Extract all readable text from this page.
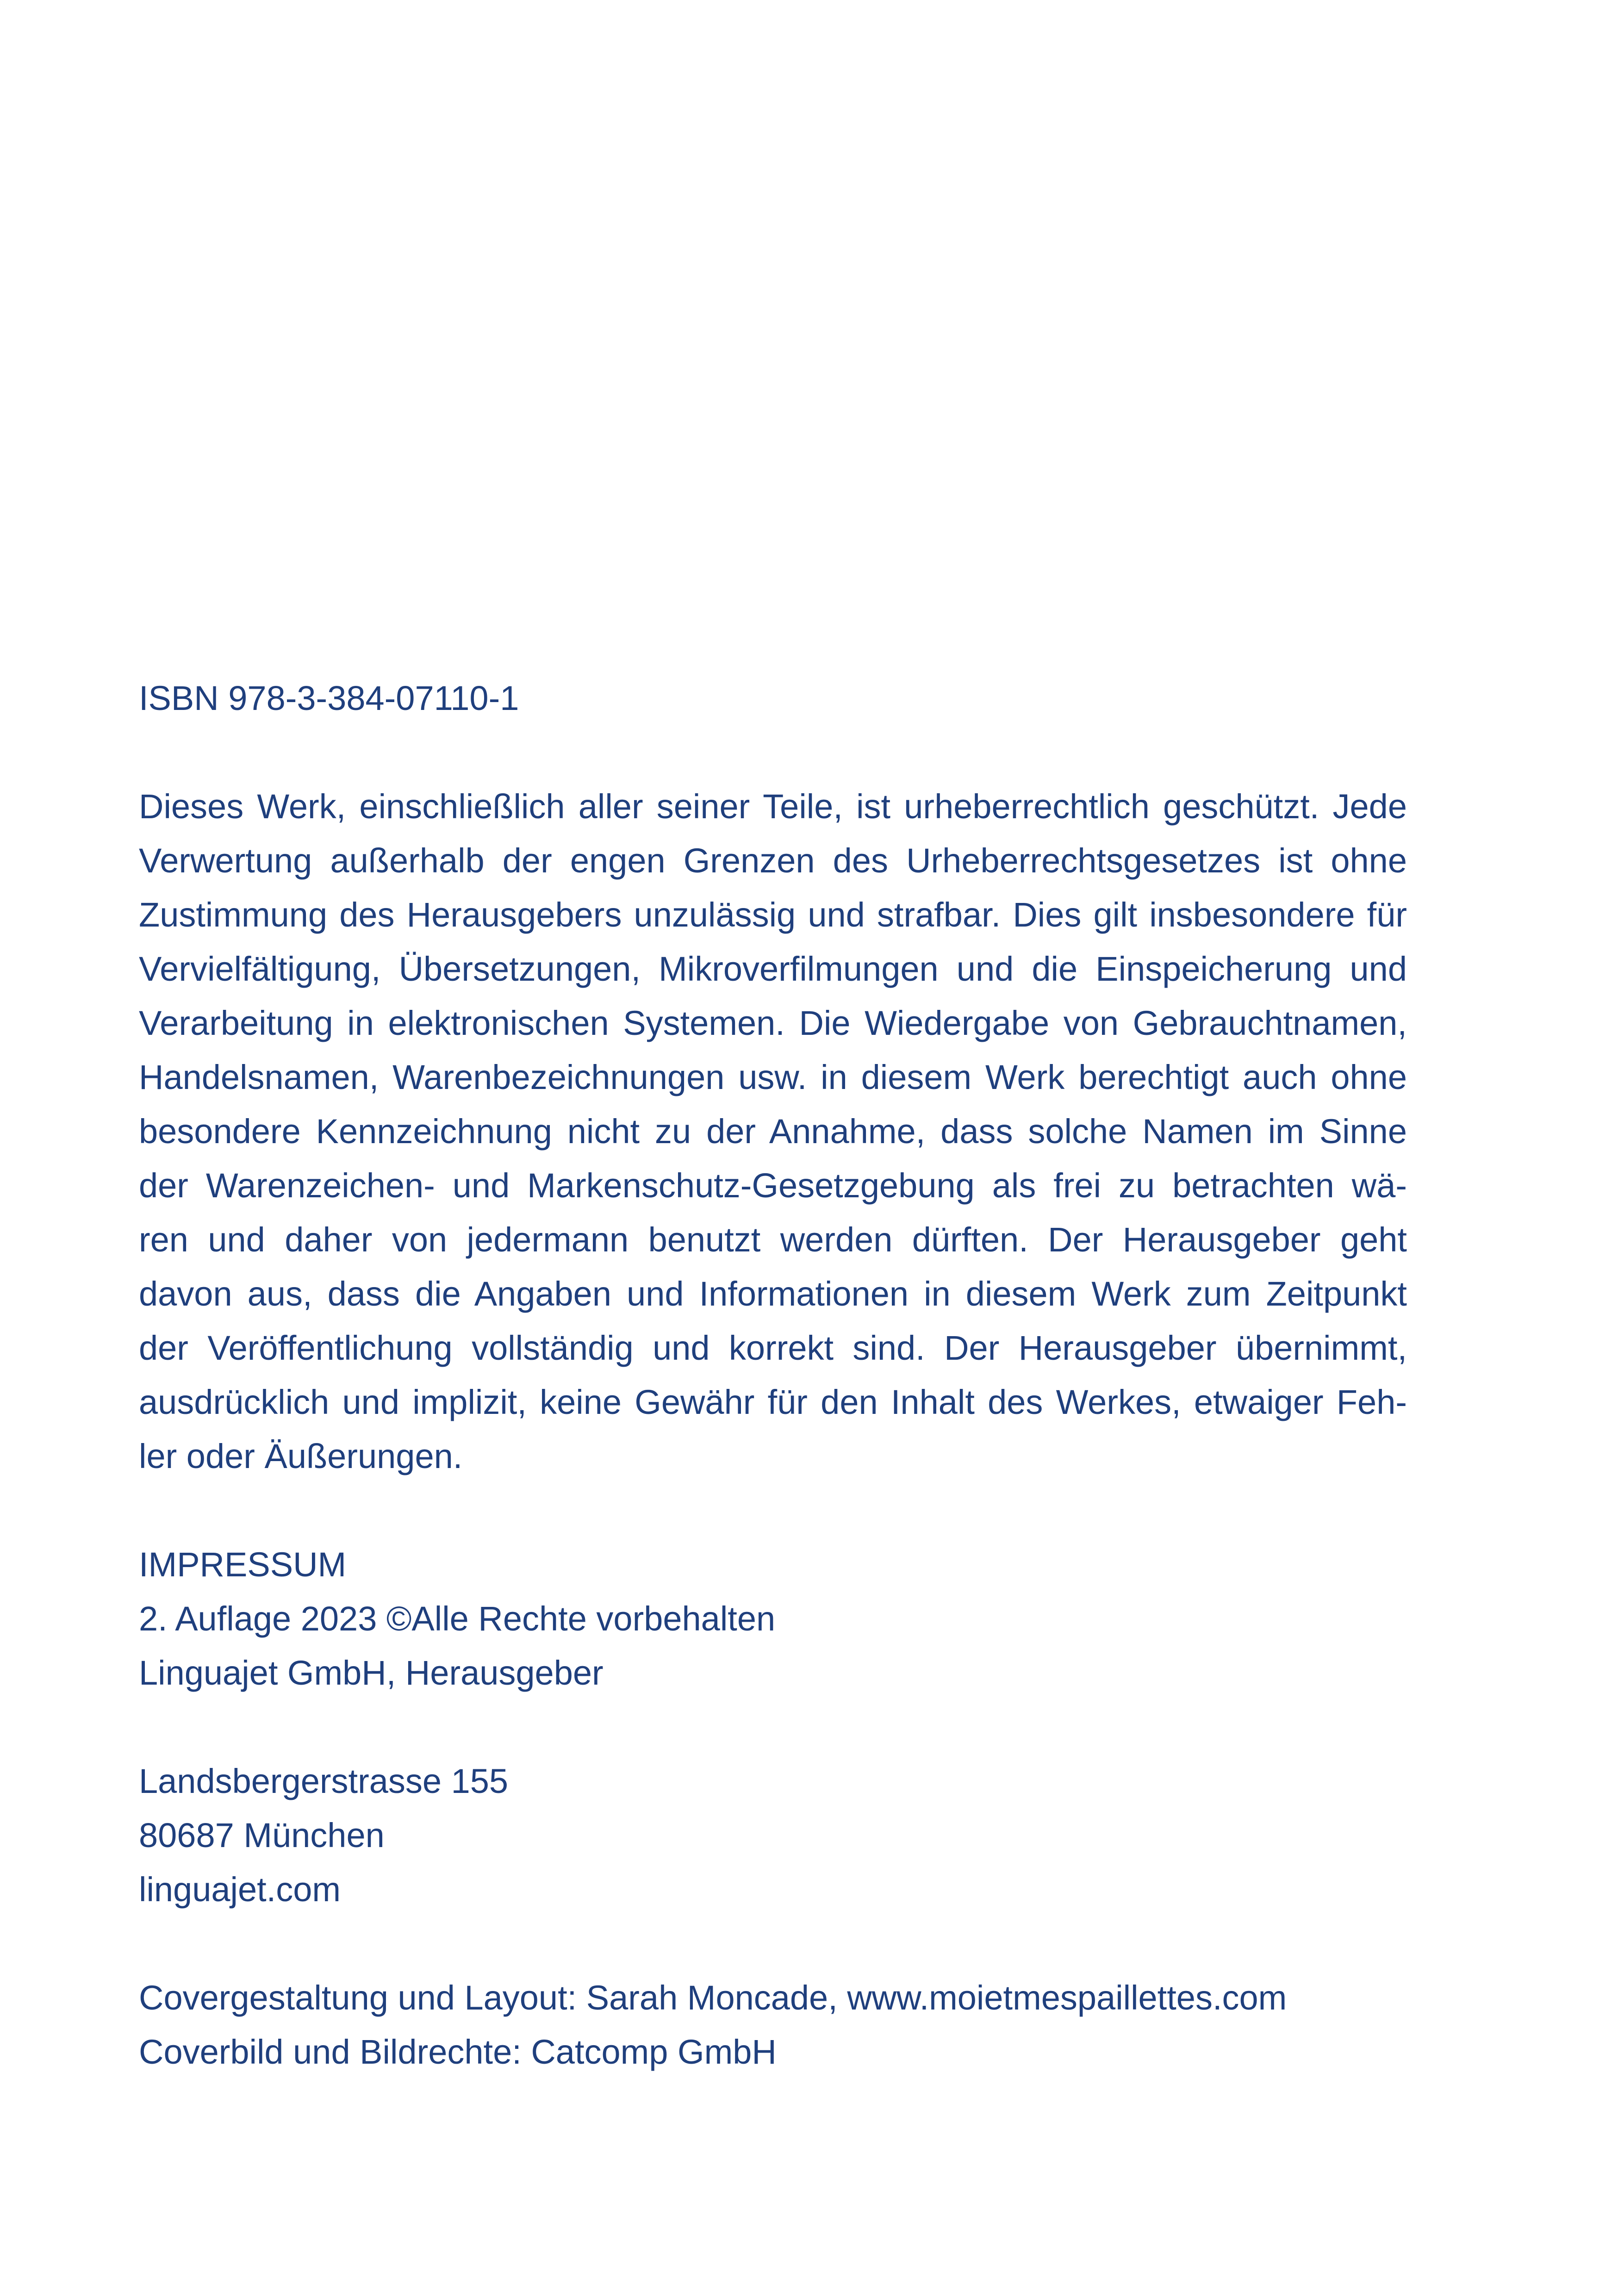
ISBN 978-3-384-07110-1
Dieses Werk, einschließlich aller seiner Teile, ist urheberrechtlich geschützt. Jede
Verwertung außerhalb der engen Grenzen des Urheberrechtsgesetzes ist ohne
Zustimmung des Herausgebers unzulässig und strafbar. Dies gilt insbesondere für
Vervielfältigung, Übersetzungen, Mikroverfilmungen und die Einspeicherung und
Verarbeitung in elektronischen Systemen. Die Wiedergabe von Gebrauchtnamen,
Handelsnamen, Warenbezeichnungen usw. in diesem Werk berechtigt auch ohne
besondere Kennzeichnung nicht zu der Annahme, dass solche Namen im Sinne
der Warenzeichen- und Markenschutz-Gesetzgebung als frei zu betrachten wä-
ren und daher von jedermann benutzt werden dürften. Der Herausgeber geht
davon aus, dass die Angaben und Informationen in diesem Werk zum Zeitpunkt
der Veröffentlichung vollständig und korrekt sind. Der Herausgeber übernimmt,
ausdrücklich und implizit, keine Gewähr für den Inhalt des Werkes, etwaiger Feh-
ler oder Äußerungen.
IMPRESSUM
2. Auflage 2023 ©Alle Rechte vorbehalten
Linguajet GmbH, Herausgeber
Landsbergerstrasse 155
80687 München
linguajet.com
Covergestaltung und Layout: Sarah Moncade, www.moietmespaillettes.com
Coverbild und Bildrechte: Catcomp GmbH
